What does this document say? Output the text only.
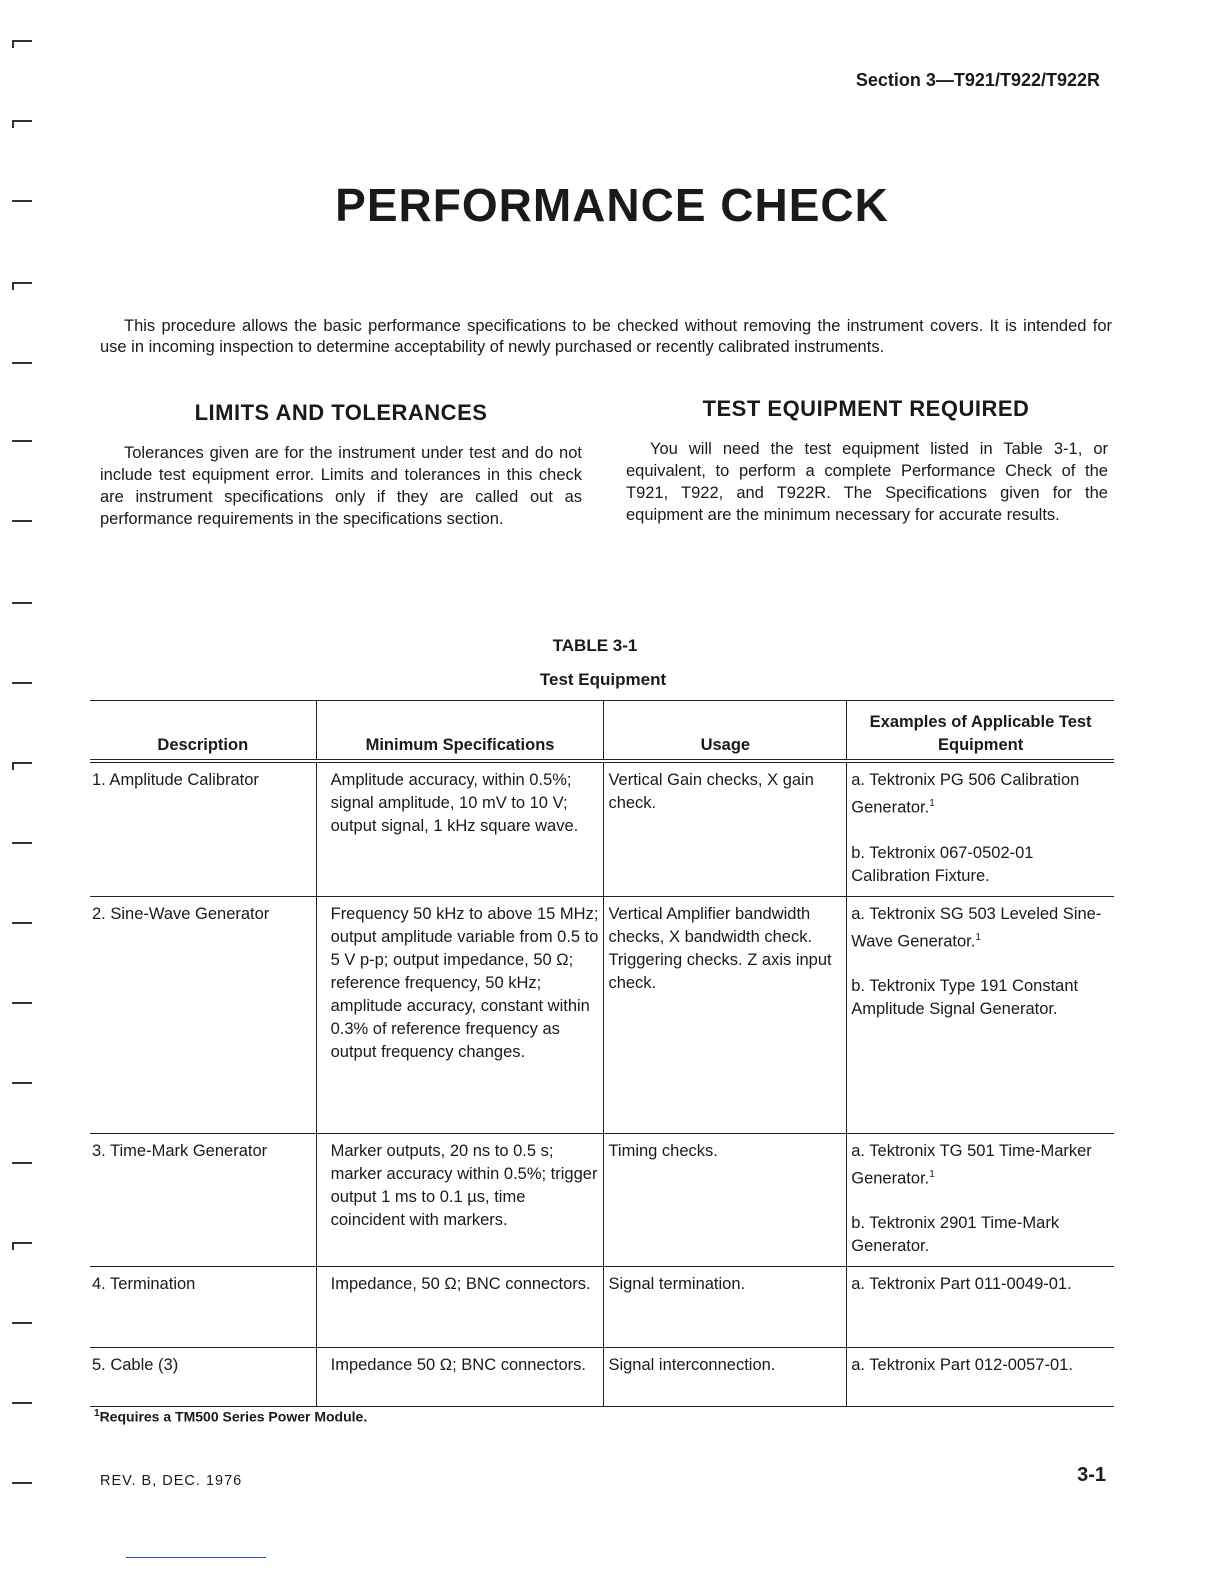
Section 3—T921/T922/T922R
PERFORMANCE CHECK
This procedure allows the basic performance specifications to be checked without removing the instrument covers. It is intended for use in incoming inspection to determine acceptability of newly purchased or recently calibrated instruments.
LIMITS AND TOLERANCES
Tolerances given are for the instrument under test and do not include test equipment error. Limits and tolerances in this check are instrument specifications only if they are called out as performance requirements in the specifications section.
TEST EQUIPMENT REQUIRED
You will need the test equipment listed in Table 3-1, or equivalent, to perform a complete Performance Check of the T921, T922, and T922R. The Specifications given for the equipment are the minimum necessary for accurate results.
TABLE 3-1
Test Equipment
Description	Minimum Specifications	Usage	Examples of Applicable Test Equipment
1. Amplitude Calibrator	Amplitude accuracy, within 0.5%; signal amplitude, 10 mV to 10 V; output signal, 1 kHz square wave.	Vertical Gain checks, X gain check.	a. Tektronix PG 506 Calibration Generator.$^1$
b. Tektronix 067-0502-01 Calibration Fixture.

2. Sine-Wave Generator	Frequency 50 kHz to above 15 MHz; output amplitude variable from 0.5 to 5 V p-p; output impedance, 50 Ω; reference frequency, 50 kHz; amplitude accuracy, constant within 0.3% of reference frequency as output frequency changes.	Vertical Amplifier bandwidth checks, X bandwidth check. Triggering checks. Z axis input check.	a. Tektronix SG 503 Leveled Sine-Wave Generator.$^1$
b. Tektronix Type 191 Constant Amplitude Signal Generator.

3. Time-Mark Generator	Marker outputs, 20 ns to 0.5 s; marker accuracy within 0.5%; trigger output 1 ms to 0.1 µs, time coincident with markers.	Timing checks.	a. Tektronix TG 501 Time-Marker Generator.$^1$
b. Tektronix 2901 Time-Mark Generator.

4. Termination	Impedance, 50 Ω; BNC connectors.	Signal termination.	a. Tektronix Part 011-0049-01.

5. Cable (3)	Impedance 50 Ω; BNC connectors.	Signal interconnection.	a. Tektronix Part 012-0057-01.
$^1$Requires a TM500 Series Power Module.
REV. B, DEC. 1976	3-1
